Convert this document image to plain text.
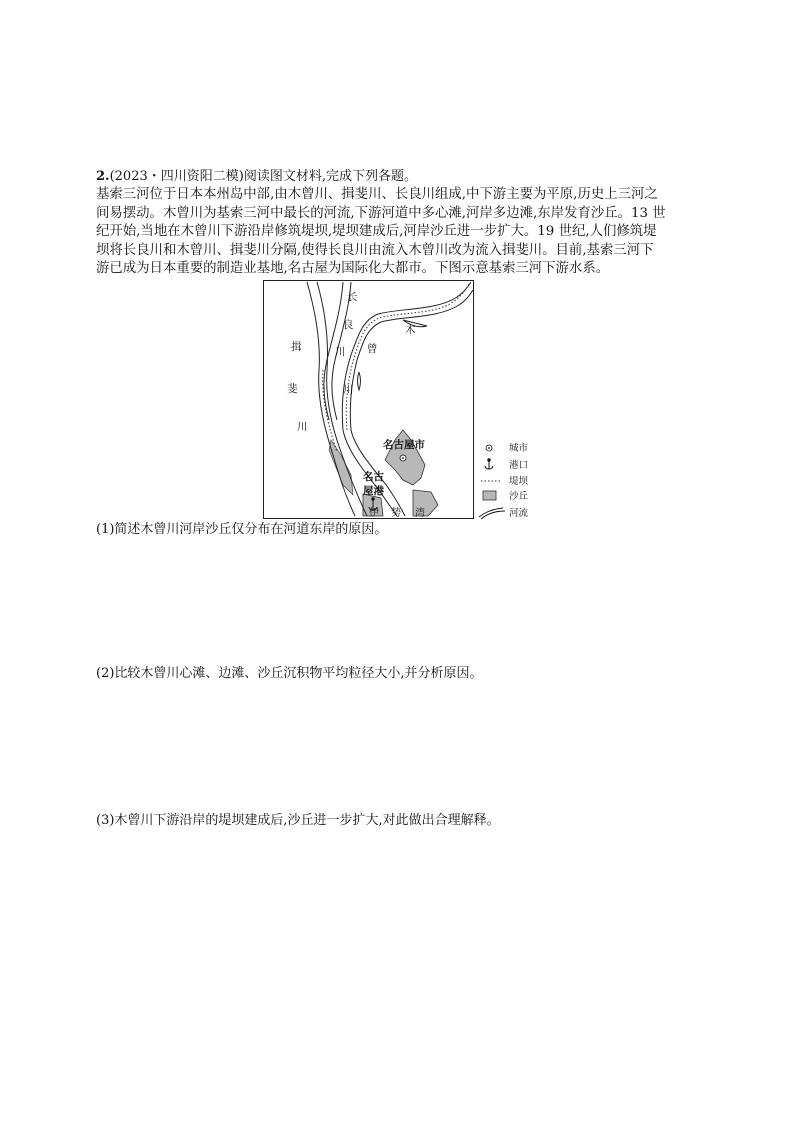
2.(2023・四川资阳二模)阅读图文材料,完成下列各题。
基索三河位于日本本州岛中部,由木曾川、揖斐川、长良川组成,中下游主要为平原,历史上三河之
间易摆动。木曾川为基索三河中最长的河流,下游河道中多心滩,河岸多边滩,东岸发育沙丘。13 世
纪开始,当地在木曾川下游沿岸修筑堤坝,堤坝建成后,河岸沙丘进一步扩大。19 世纪,人们修筑堤
坝将长良川和木曾川、揖斐川分隔,使得长良川由流入木曾川改为流入揖斐川。目前,基索三河下
游已成为日本重要的制造业基地,名古屋为国际化大都市。下图示意基索三河下游水系。
长
良
川
揖
斐
川
木
曾
川
名古屋市
名古
屋港
伊 势 湾
城市
港口
堤坝
沙丘
河流
(1)简述木曾川河岸沙丘仅分布在河道东岸的原因。
(2)比较木曾川心滩、边滩、沙丘沉积物平均粒径大小,并分析原因。
(3)木曾川下游沿岸的堤坝建成后,沙丘进一步扩大,对此做出合理解释。
